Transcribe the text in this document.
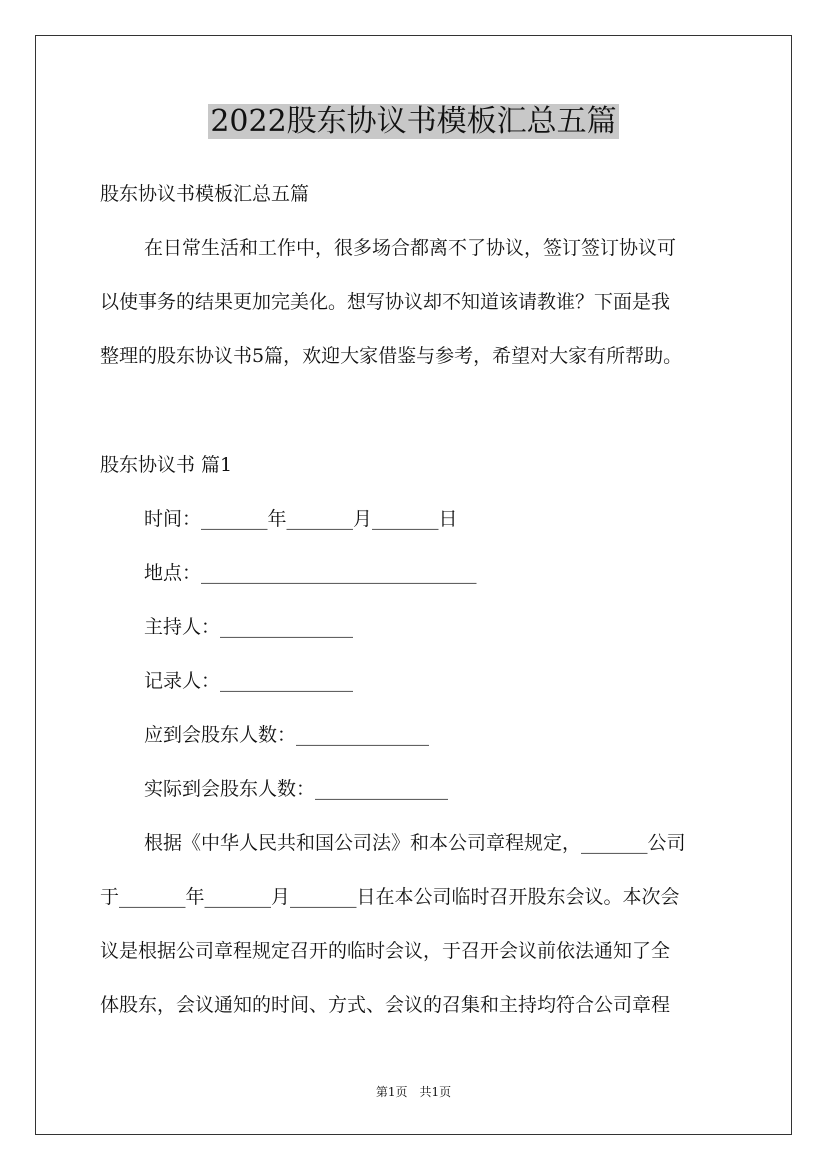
2022股东协议书模板汇总五篇

股东协议书模板汇总五篇

在日常生活和工作中，很多场合都离不了协议，签订签订协议可

以使事务的结果更加完美化。想写协议却不知道该请教谁？下面是我

整理的股东协议书5篇，欢迎大家借鉴与参考，希望对大家有所帮助。

股东协议书 篇1

时间：_______年_______月_______日

地点：_____________________________

主持人：______________

记录人：______________

应到会股东人数：______________

实际到会股东人数：______________

根据《中华人民共和国公司法》和本公司章程规定，_______公司

于_______年_______月_______日在本公司临时召开股东会议。本次会

议是根据公司章程规定召开的临时会议，于召开会议前依法通知了全

体股东，会议通知的时间、方式、会议的召集和主持均符合公司章程

第1页　共1页
